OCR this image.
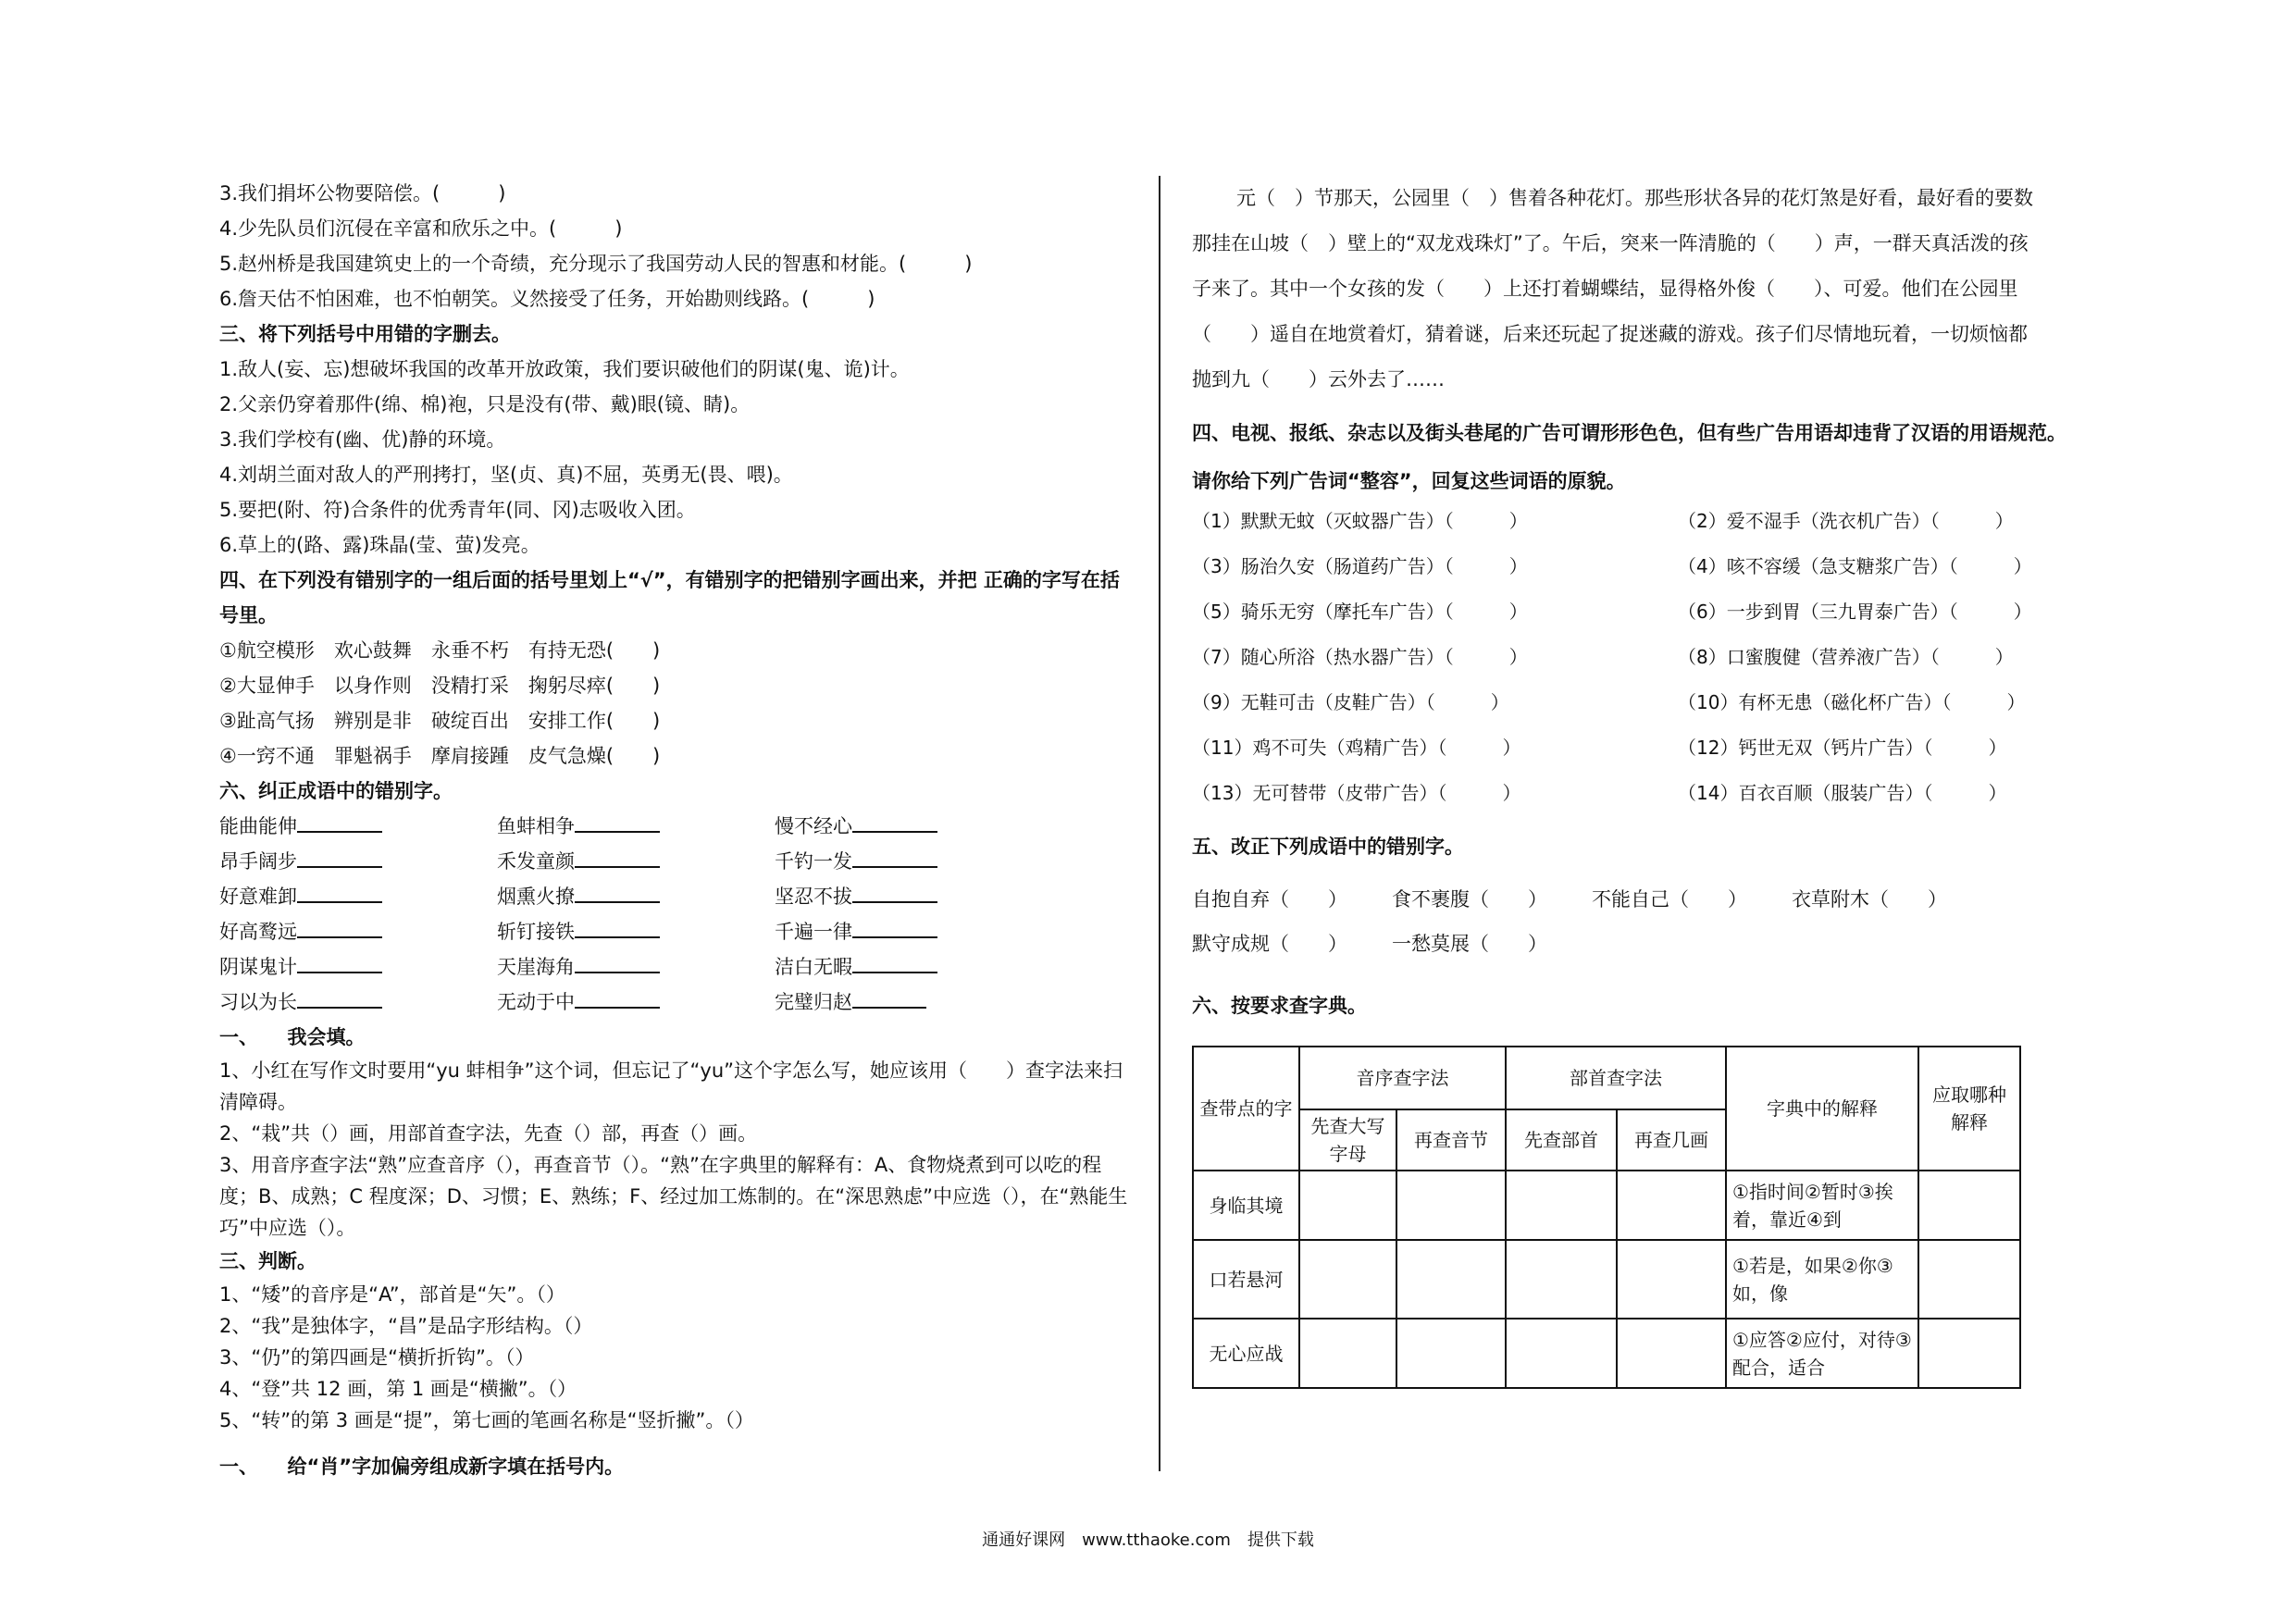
3.我们捐坏公物要陪偿。(　　　)
4.少先队员们沉侵在辛富和欣乐之中。(　　　)
5.赵州桥是我国建筑史上的一个奇绩，充分现示了我国劳动人民的智惠和材能。(　　　)
6.詹天估不怕困难，也不怕朝笑。义然接受了任务，开始勘则线路。(　　　)
三、将下列括号中用错的字删去。
1.敌人(妄、忘)想破坏我国的改革开放政策，我们要识破他们的阴谋(鬼、诡)计。
2.父亲仍穿着那件(绵、棉)袍，只是没有(带、戴)眼(镜、睛)。
3.我们学校有(幽、优)静的环境。
4.刘胡兰面对敌人的严刑拷打，坚(贞、真)不屈，英勇无(畏、喂)。
5.要把(附、符)合条件的优秀青年(同、冈)志吸收入团。
6.草上的(路、露)珠晶(莹、萤)发亮。
四、在下列没有错别字的一组后面的括号里划上“√”，有错别字的把错别字画出来，并把 正确的字写在括号里。
①航空模形　欢心鼓舞　永垂不朽　有持无恐(　　)
②大显伸手　以身作则　没精打采　掬躬尽瘁(　　)
③趾高气扬　辨别是非　破绽百出　安排工作(　　)
④一窍不通　罪魁祸手　摩肩接踵　皮气急燥(　　)
六、纠正成语中的错别字。
能曲能伸	鱼蚌相争	慢不经心
昂手阔步	禾发童颜	千钓一发
好意难卸	烟熏火撩	坚忍不拔
好高鹜远	斩钉接铁	千遍一律
阴谋鬼计	天崖海角	洁白无暇
习以为长	无动于中	完璧归赵
一、　　我会填。
1、小红在写作文时要用“yu 蚌相争”这个词，但忘记了“yu”这个字怎么写，她应该用（　　）查字法来扫清障碍。
2、“栽”共（）画，用部首查字法，先查（）部，再查（）画。
3、用音序查字法“熟”应查音序（），再查音节（）。“熟”在字典里的解释有：A、食物烧煮到可以吃的程度；B、成熟；C 程度深；D、习惯；E、熟练；F、经过加工炼制的。在“深思熟虑”中应选（），在“熟能生巧”中应选（）。
三、判断。
1、“矮”的音序是“A”，部首是“矢”。（）
2、“我”是独体字，“昌”是品字形结构。（）
3、“仍”的第四画是“横折折钩”。（）
4、“登”共 12 画，第 1 画是“横撇”。（）
5、“转”的第 3 画是“提”，第七画的笔画名称是“竖折撇”。（）
一、　　给“肖”字加偏旁组成新字填在括号内。
元（　）节那天，公园里（　）售着各种花灯。那些形状各异的花灯煞是好看，最好看的要数那挂在山坡（　）壁上的“双龙戏珠灯”了。午后，突来一阵清脆的（　　）声，一群天真活泼的孩子来了。其中一个女孩的发（　　）上还打着蝴蝶结，显得格外俊（　　）、可爱。他们在公园里（　　）遥自在地赏着灯，猜着谜，后来还玩起了捉迷藏的游戏。孩子们尽情地玩着，一切烦恼都抛到九（　　）云外去了……
四、电视、报纸、杂志以及街头巷尾的广告可谓形形色色，但有些广告用语却违背了汉语的用语规范。
请你给下列广告词“整容”，回复这些词语的原貌。
（1）默默无蚊（灭蚊器广告）（　　　）	（2）爱不湿手（洗衣机广告）（　　　）
（3）肠治久安（肠道药广告）（　　　）	（4）咳不容缓（急支糖浆广告）（　　　）
（5）骑乐无穷（摩托车广告）（　　　）	（6）一步到胃（三九胃泰广告）（　　　）
（7）随心所浴（热水器广告）（　　　）	（8）口蜜腹健（营养液广告）（　　　）
（9）无鞋可击（皮鞋广告）（　　　）	（10）有杯无患（磁化杯广告）（　　　）
（11）鸡不可失（鸡精广告）（　　　）	（12）钙世无双（钙片广告）（　　　）
（13）无可替带（皮带广告）（　　　）	（14）百衣百顺（服装广告）（　　　）
五、改正下列成语中的错别字。
自抱自弃（　　） 食不裹腹（　　） 不能自己（　　） 衣草附木（　　）
默守成规（　　） 一愁莫展（　　）
六、按要求查字典。
查带点的字	音序查字法		部首查字法		字典中的解释	应取哪种解释
	先查大写字母	再查音节	先查部首	再查几画		
身临其境					①指时间②暂时③挨着，靠近④到	
口若悬河					①若是，如果②你③如，像	
无心应战					①应答②应付，对待③配合，适合	
通通好课网　www.tthaoke.com　提供下载
